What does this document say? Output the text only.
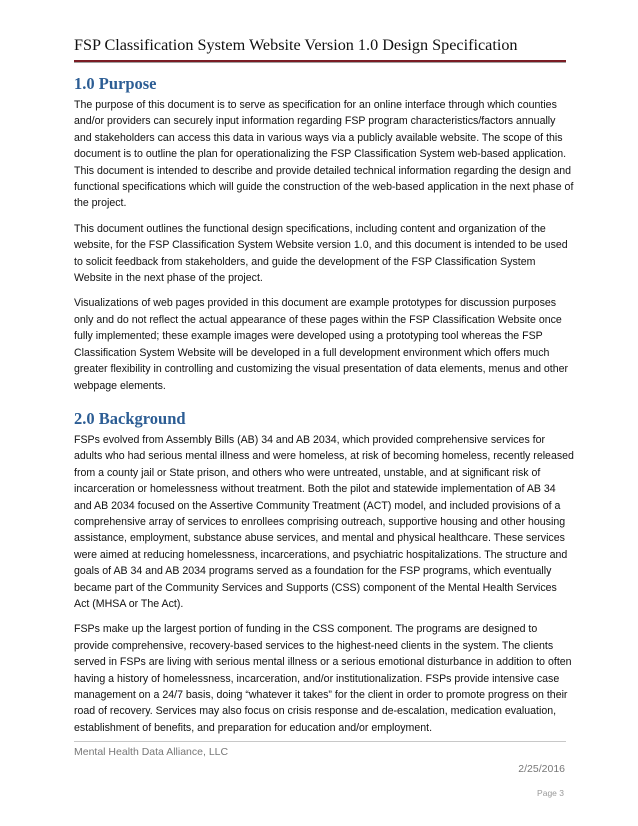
FSP Classification System Website Version 1.0 Design Specification
1.0 Purpose

The purpose of this document is to serve as specification for an online interface through which counties and/or providers can securely input information regarding FSP program characteristics/factors annually and stakeholders can access this data in various ways via a publicly available website. The scope of this document is to outline the plan for operationalizing the FSP Classification System web-based application. This document is intended to describe and provide detailed technical information regarding the design and functional specifications which will guide the construction of the web-based application in the next phase of the project.

This document outlines the functional design specifications, including content and organization of the website, for the FSP Classification System Website version 1.0, and this document is intended to be used to solicit feedback from stakeholders, and guide the development of the FSP Classification System Website in the next phase of the project.

Visualizations of web pages provided in this document are example prototypes for discussion purposes only and do not reflect the actual appearance of these pages within the FSP Classification Website once fully implemented; these example images were developed using a prototyping tool whereas the FSP Classification System Website will be developed in a full development environment which offers much greater flexibility in controlling and customizing the visual presentation of data elements, menus and other webpage elements.

2.0 Background

FSPs evolved from Assembly Bills (AB) 34 and AB 2034, which provided comprehensive services for adults who had serious mental illness and were homeless, at risk of becoming homeless, recently released from a county jail or State prison, and others who were untreated, unstable, and at significant risk of incarceration or homelessness without treatment. Both the pilot and statewide implementation of AB 34 and AB 2034 focused on the Assertive Community Treatment (ACT) model, and included provisions of a comprehensive array of services to enrollees comprising outreach, supportive housing and other housing assistance, employment, substance abuse services, and mental and physical healthcare. These services were aimed at reducing homelessness, incarcerations, and psychiatric hospitalizations. The structure and goals of AB 34 and AB 2034 programs served as a foundation for the FSP programs, which eventually became part of the Community Services and Supports (CSS) component of the Mental Health Services Act (MHSA or The Act).

FSPs make up the largest portion of funding in the CSS component. The programs are designed to provide comprehensive, recovery-based services to the highest-need clients in the system. The clients served in FSPs are living with serious mental illness or a serious emotional disturbance in addition to often having a history of homelessness, incarceration, and/or institutionalization. FSPs provide intensive case management on a 24/7 basis, doing “whatever it takes” for the client in order to promote progress on their road of recovery. Services may also focus on crisis response and de-escalation, medication evaluation, establishment of benefits, and preparation for education and/or employment.

Mental Health Data Alliance, LLC
2/25/2016
Page 3
